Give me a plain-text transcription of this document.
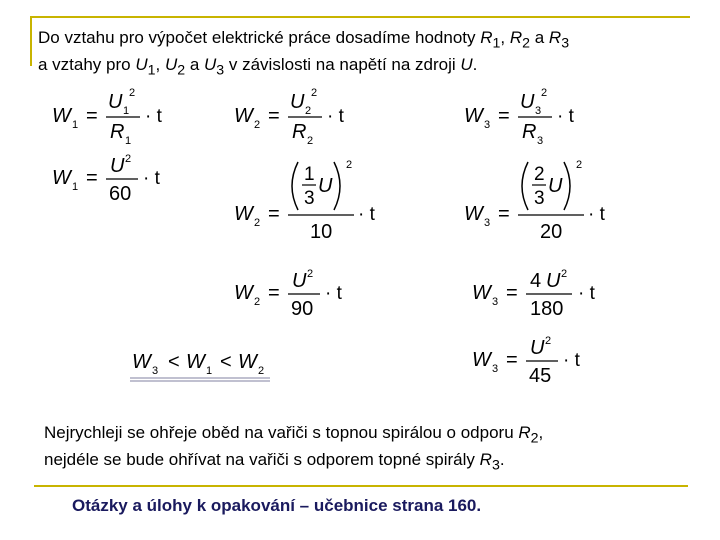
Do vztahu pro výpočet elektrické práce dosadíme hodnoty $R_1$, $R_2$ a $R_3$
a vztahy pro $U_1$, $U_2$ a $U_3$ v závislosti na napětí na zdroji U.
W 1 =
U 1
2
R 1
· t	W 2 =
U 2
2
R 2
· t	W 3 =
U 3
2
R 3
· t
W 1 =
U 2
60
· t
W 2 =
1
3
U
2
10
· t	W 3 =
2
3
U
2
20
· t
W 2 =
U 2
90
· t	W 3 =
4 U 2
180
· t
W 3 < W 1 < W 2	W 3 =
U 2
45
· t
Nejrychleji se ohřeje oběd na vařiči s topnou spirálou o odporu $R_2$,
nejdéle se bude ohřívat na vařiči s odporem topné spirály $R_3$.
Otázky a úlohy k opakování – učebnice strana 160.
